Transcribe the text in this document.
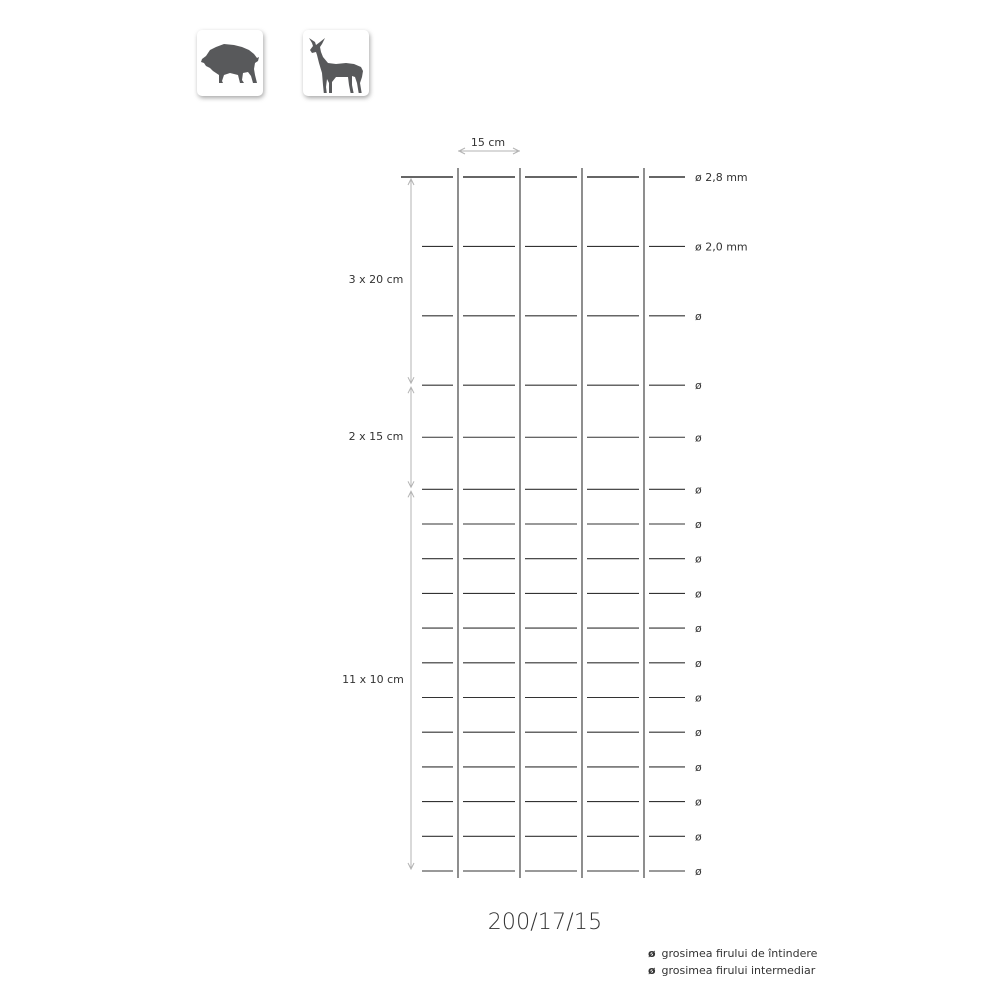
ø 2,8 mm
ø 2,0 mm
ø
ø
ø
ø
ø
ø
ø
ø
ø
ø
ø
ø
ø
ø
ø
15 cm
3 x 20 cm
2 x 15 cm
11 x 10 cm
200/17/15
ø grosimea firului de întindere
ø grosimea firului intermediar
